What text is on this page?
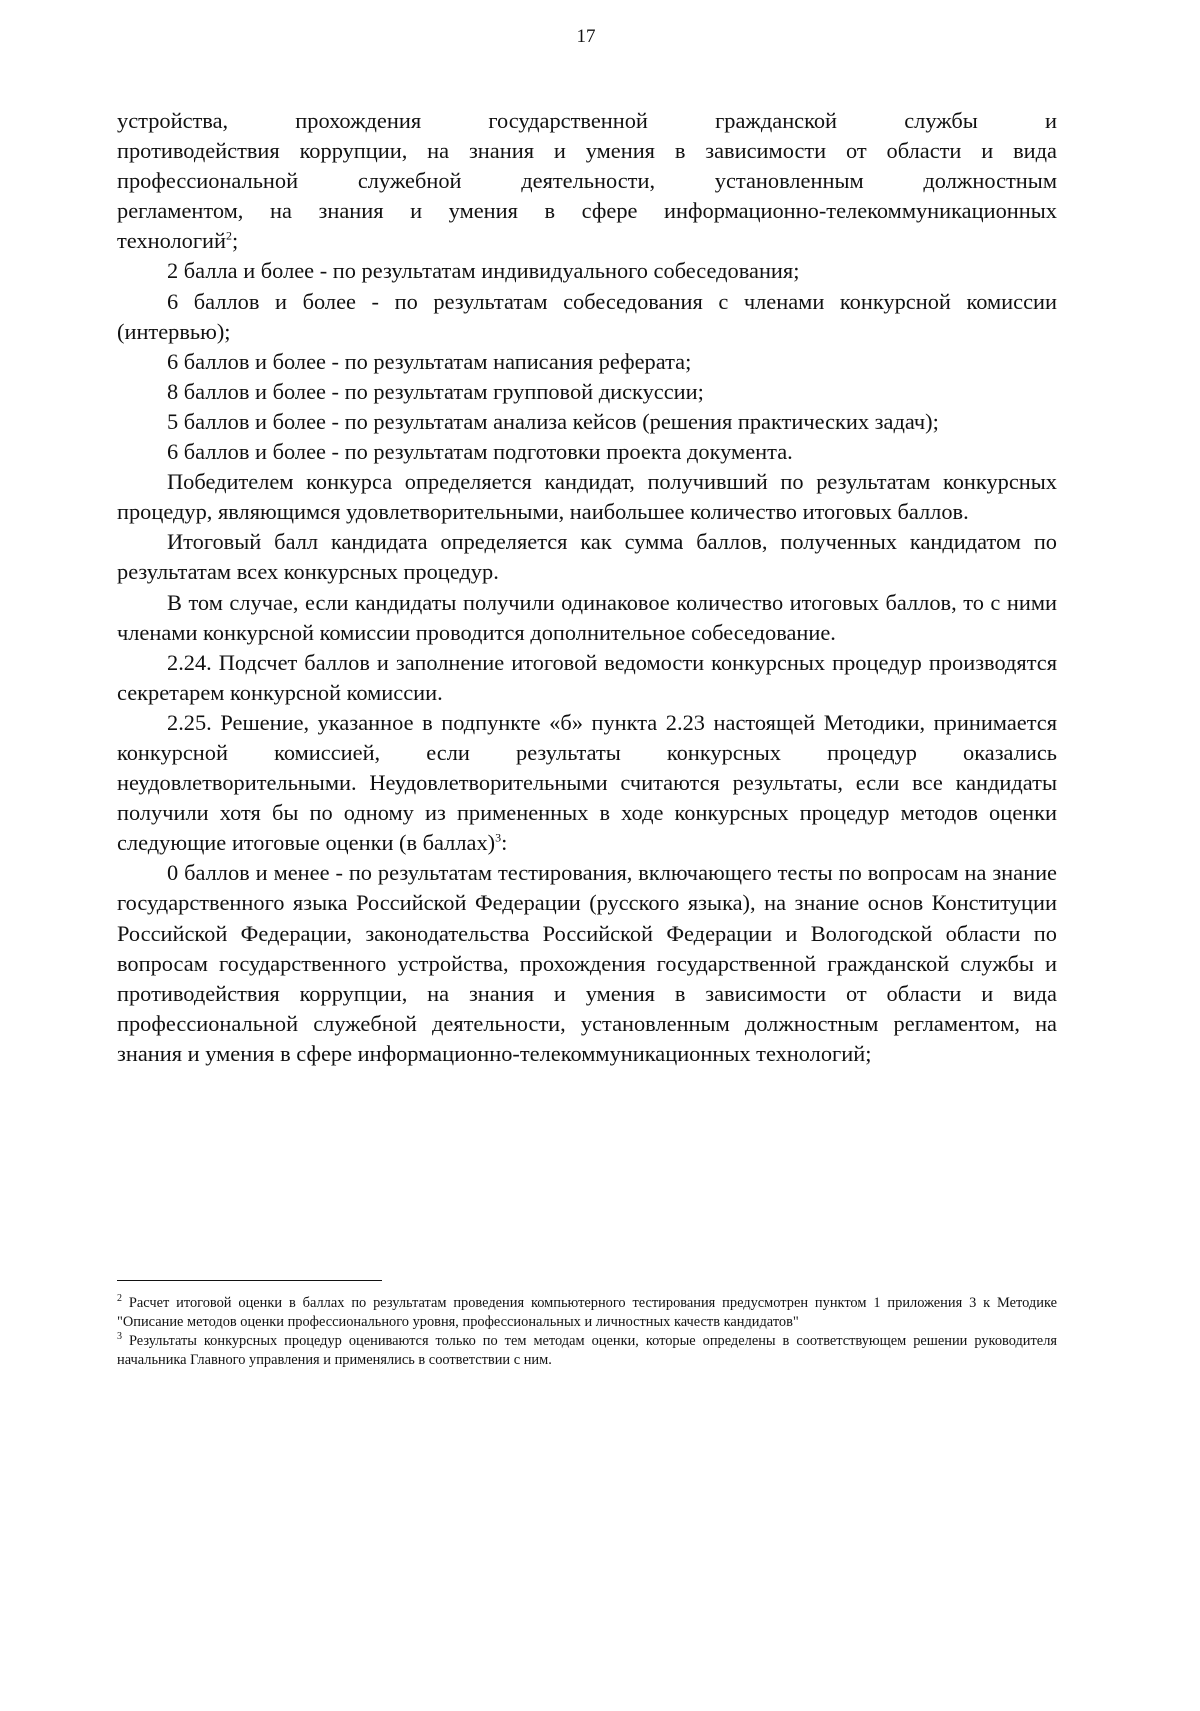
17

устройства, прохождения государственной гражданской службы и
противодействия коррупции, на знания и умения в зависимости от области и вида
профессиональной служебной деятельности, установленным должностным
регламентом, на знания и умения в сфере информационно-телекоммуникационных
технологий$^2$;

2 балла и более - по результатам индивидуального собеседования;

6 баллов и более - по результатам собеседования с членами конкурсной комиссии (интервью);

6 баллов и более - по результатам написания реферата;

8 баллов и более - по результатам групповой дискуссии;

5 баллов и более - по результатам анализа кейсов (решения практических задач);

6 баллов и более - по результатам подготовки проекта документа.

Победителем конкурса определяется кандидат, получивший по результатам конкурсных процедур, являющимся удовлетворительными, наибольшее количество итоговых баллов.

Итоговый балл кандидата определяется как сумма баллов, полученных кандидатом по результатам всех конкурсных процедур.

В том случае, если кандидаты получили одинаковое количество итоговых баллов, то с ними членами конкурсной комиссии проводится дополнительное собеседование.

2.24. Подсчет баллов и заполнение итоговой ведомости конкурсных процедур производятся секретарем конкурсной комиссии.

2.25. Решение, указанное в подпункте «б» пункта 2.23 настоящей Методики, принимается конкурсной комиссией, если результаты конкурсных процедур оказались неудовлетворительными. Неудовлетворительными считаются результаты, если все кандидаты получили хотя бы по одному из примененных в ходе конкурсных процедур методов оценки следующие итоговые оценки (в баллах)$^3$:

0 баллов и менее - по результатам тестирования, включающего тесты по вопросам на знание государственного языка Российской Федерации (русского языка), на знание основ Конституции Российской Федерации, законодательства Российской Федерации и Вологодской области по вопросам государственного устройства, прохождения государственной гражданской службы и противодействия коррупции, на знания и умения в зависимости от области и вида профессиональной служебной деятельности, установленным должностным регламентом, на знания и умения в сфере информационно-телекоммуникационных технологий;

$^2$ Расчет итоговой оценки в баллах по результатам проведения компьютерного тестирования предусмотрен пунктом 1 приложения 3 к Методике "Описание методов оценки профессионального уровня, профессиональных и личностных качеств кандидатов"

$^3$ Результаты конкурсных процедур оцениваются только по тем методам оценки, которые определены в соответствующем решении руководителя начальника Главного управления и применялись в соответствии с ним.
